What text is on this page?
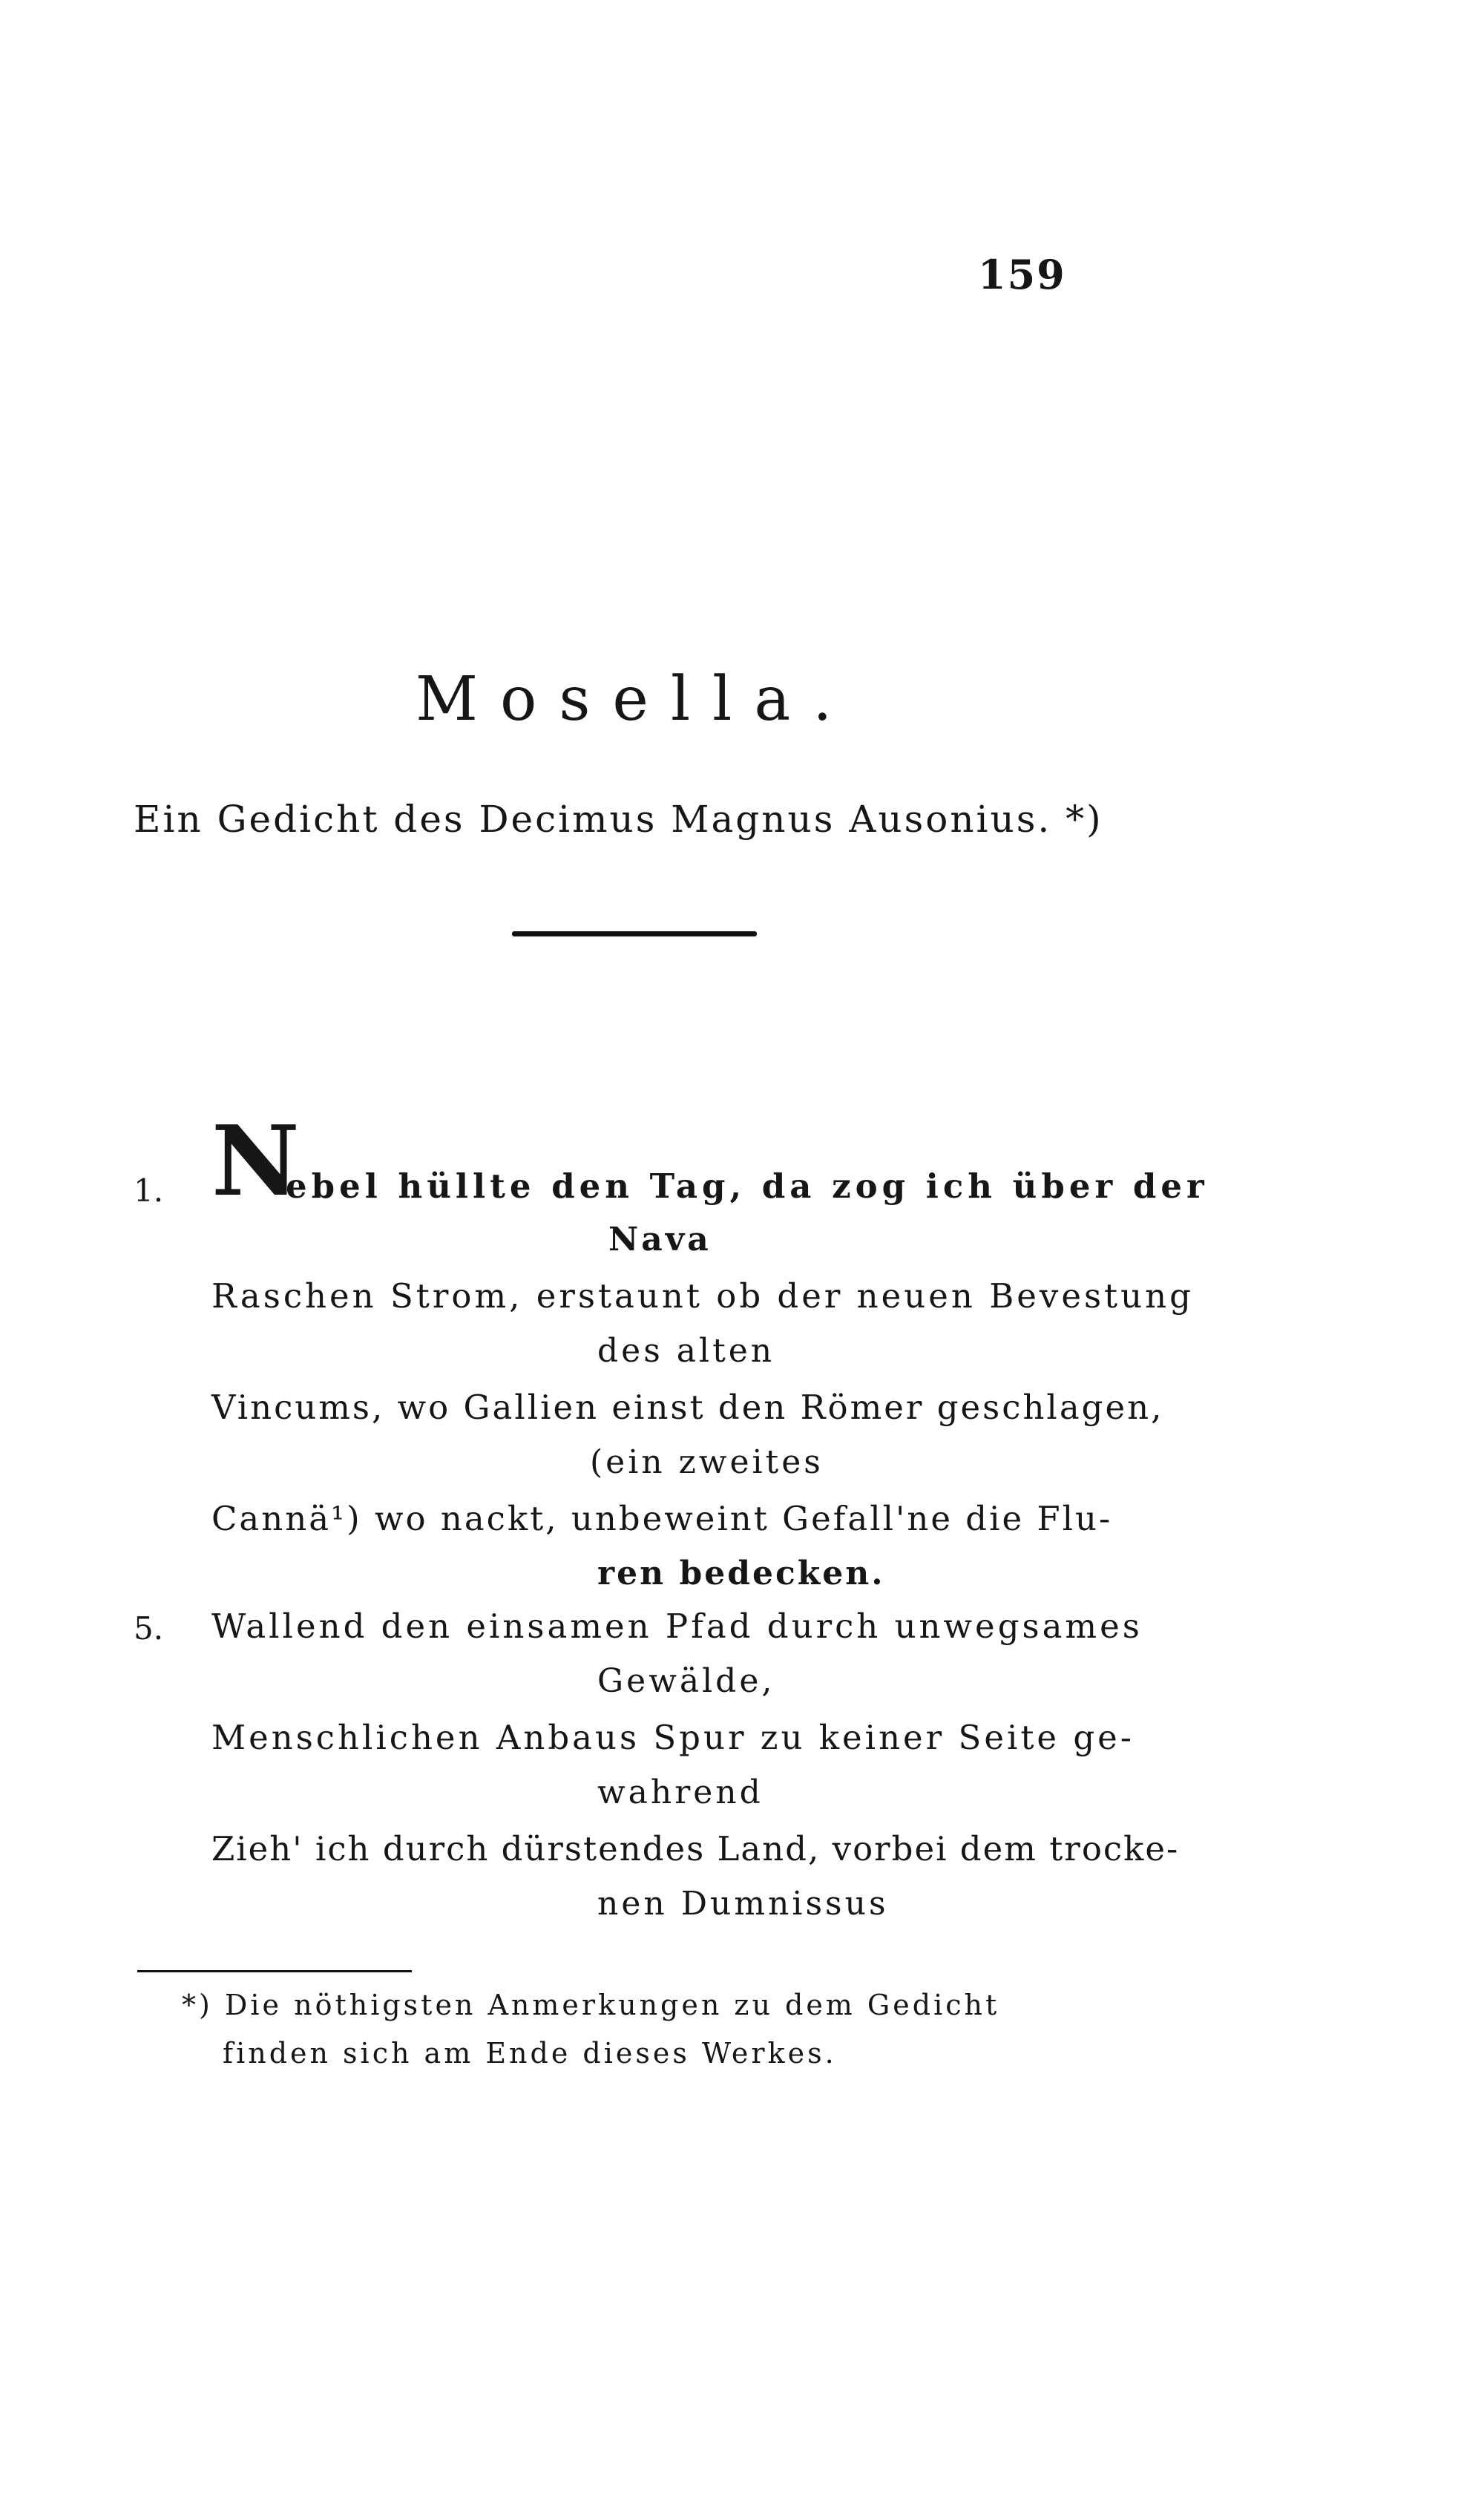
159
Mosella.
Ein Gedicht des Decimus Magnus Ausonius. *)
1. N
ebel hüllte den Tag, da zog ich über der
Nava
Raschen Strom, erstaunt ob der neuen Bevestung
des alten
Vincums, wo Gallien einst den Römer geschlagen,
(ein zweites
Cannä¹) wo nackt, unbeweint Gefall'ne die Flu-
ren bedecken.
5. Wallend den einsamen Pfad durch unwegsames
Gewälde,
Menschlichen Anbaus Spur zu keiner Seite ge-
wahrend
Zieh' ich durch dürstendes Land, vorbei dem trocke-
nen Dumnissus
*) Die nöthigsten Anmerkungen zu dem Gedicht
finden sich am Ende dieses Werkes.
